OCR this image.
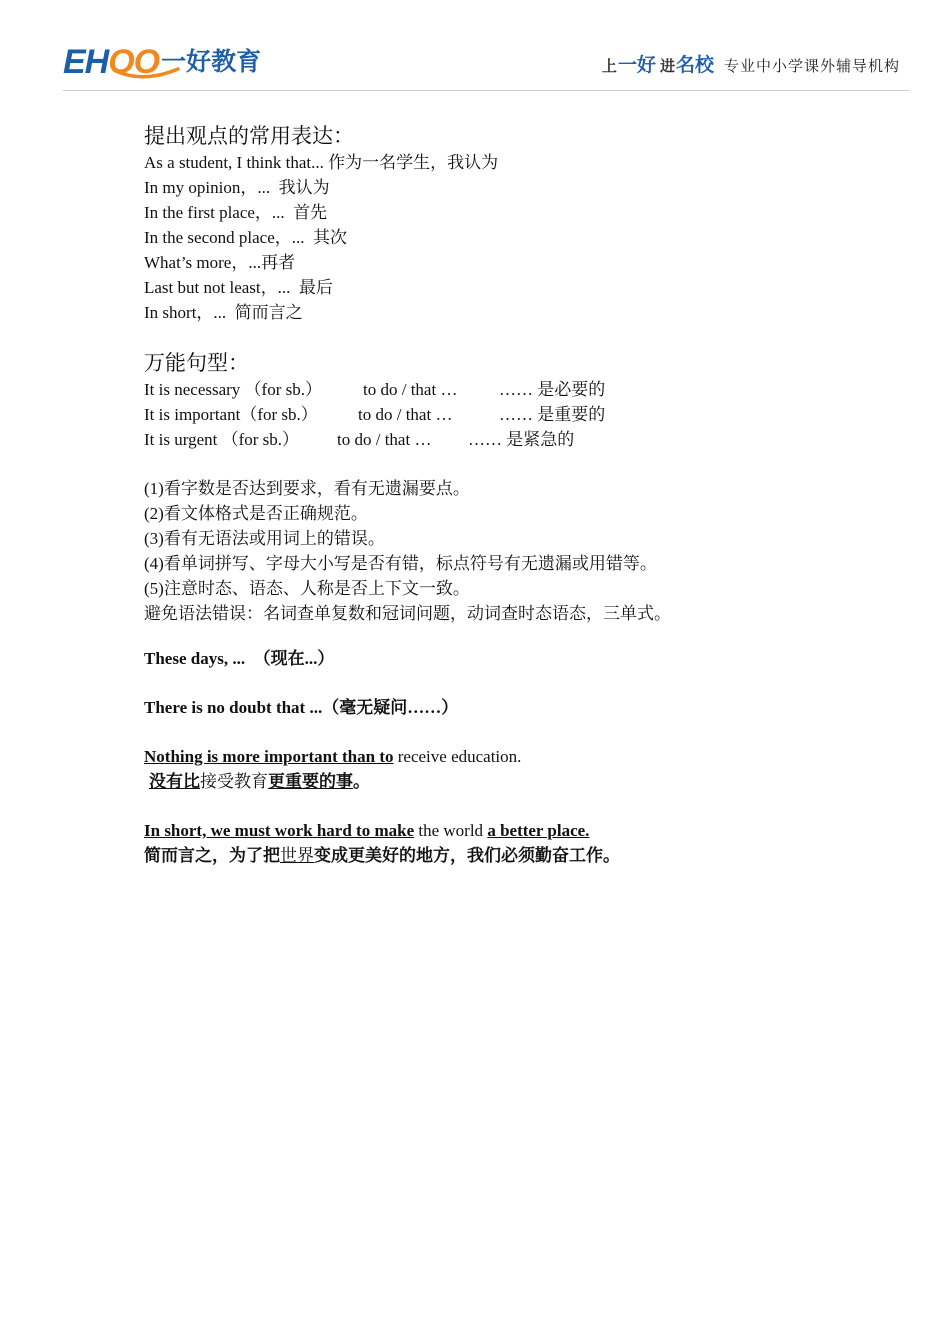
EHOO 一好教育	上 一好 进 名校 专业中小学课外辅导机构

提出观点的常用表达：

As a student, I think that... 作为一名学生，我认为

In my opinion，...  我认为

In the first place，...  首先

In the second place，...  其次

What’s more，...再者

Last but not least，...  最后

In short，...  简而言之

万能句型：

It is necessary （for sb.）	to do / that …	…… 是必要的
It is important（for sb.）	to do / that …	…… 是重要的
It is urgent （for sb.）	to do / that …	…… 是紧急的

(1)看字数是否达到要求，看有无遗漏要点。

(2)看文体格式是否正确规范。

(3)看有无语法或用词上的错误。

(4)看单词拼写、字母大小写是否有错，标点符号有无遗漏或用错等。

(5)注意时态、语态、人称是否上下文一致。

避免语法错误：名词查单复数和冠词问题，动词查时态语态，三单式。

These days, ...  （现在...）

There is no doubt that ...（毫无疑问……）

Nothing is more important than to receive education.

没有比接受教育更重要的事。

In short, we must work hard to make the world a better place.

简而言之，为了把世界变成更美好的地方，我们必须勤奋工作。
